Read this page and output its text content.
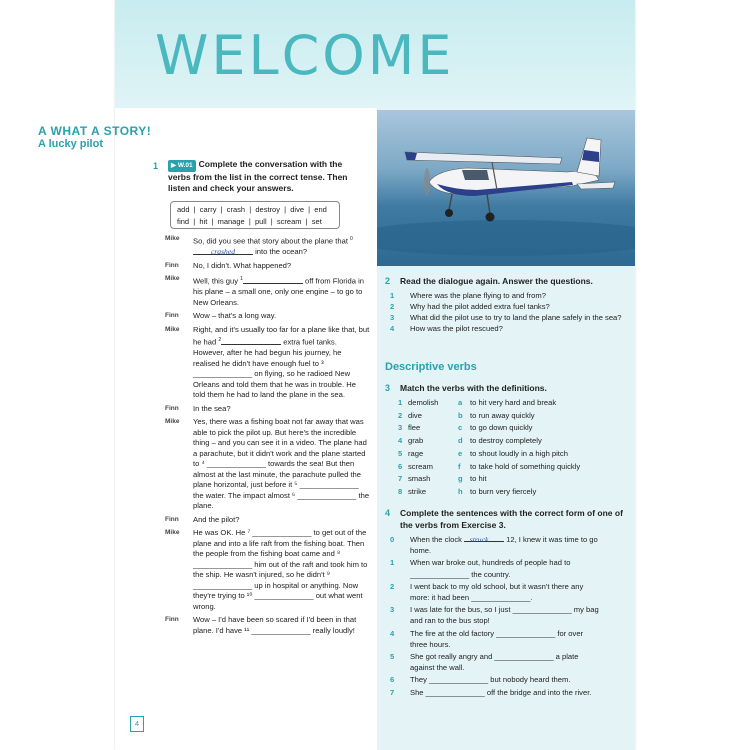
WELCOME
A WHAT A STORY!
A lucky pilot
1	▶ W.01 Complete the conversation with the verbs from the list in the correct tense. Then listen and check your answers.
add  |  carry  |  crash  |  destroy  |  dive  |  end
find  |  hit  |  manage  |  pull  |  scream  |  set
Mike	So, did you see that story about the plane that $^0$crashed into the ocean?
Finn	No, I didn't. What happened?
Mike	Well, this guy $^1$	off from Florida in his plane – a small one, only one engine – to go to New Orleans.
Finn	Wow – that's a long way.
Mike	Right, and it's usually too far for a plane like that, but he had $^2$	extra fuel tanks. However, after he had begun his journey, he realised he didn't have enough fuel to ³ ______________ on flying, so he radioed New Orleans and told them that he was in trouble. He told them he had to land the plane in the sea.
Finn	In the sea?
Mike	Yes, there was a fishing boat not far away that was able to pick the pilot up. But here's the incredible thing – and you can see it in a video. The plane had a parachute, but it didn't work and the plane started to ⁴ ______________ towards the sea! But then almost at the last minute, the parachute pulled the plane horizontal, just before it ⁵ ______________ the water. The impact almost ⁶ ______________ the plane.
Finn	And the pilot?
Mike	He was OK. He ⁷ ______________ to get out of the plane and into a life raft from the fishing boat. Then the people from the fishing boat came and ⁸ ______________ him out of the raft and took him to the ship. He wasn't injured, so he didn't ⁹ ______________ up in hospital or anything. Now they're trying to ¹⁰ ______________ out what went wrong.
Finn	Wow – I'd have been so scared if I'd been in that plane. I'd have ¹¹ ______________ really loudly!
4
2 Read the dialogue again. Answer the questions.
1 Where was the plane flying to and from?
2 Why had the pilot added extra fuel tanks?
3 What did the pilot use to try to land the plane safely in the sea?
4 How was the pilot rescued?
Descriptive verbs
3 Match the verbs with the definitions.
1 demolish	a	to hit very hard and break
2 dive	b to run away quickly
3 flee	c	to go down quickly
4 grab	d to destroy completely
5 rage	e	to shout loudly in a high pitch
6 scream	f	to take hold of something quickly
7 smash	g to hit
8 strike	h to burn very fiercely
4 Complete the sentences with the correct form of one of the verbs from Exercise 3.
0 When the clock struck 12, I knew it was time to go home.
1 When war broke out, hundreds of people had to ______________ the country.
2 I went back to my old school, but it wasn't there any more: it had been ______________.
3 I was late for the bus, so I just ______________ my bag and ran to the bus stop!
4 The fire at the old factory ______________ for over three hours.
5 She got really angry and ______________ a plate against the wall.
6 They ______________ but nobody heard them.
7 She ______________ off the bridge and into the river.
